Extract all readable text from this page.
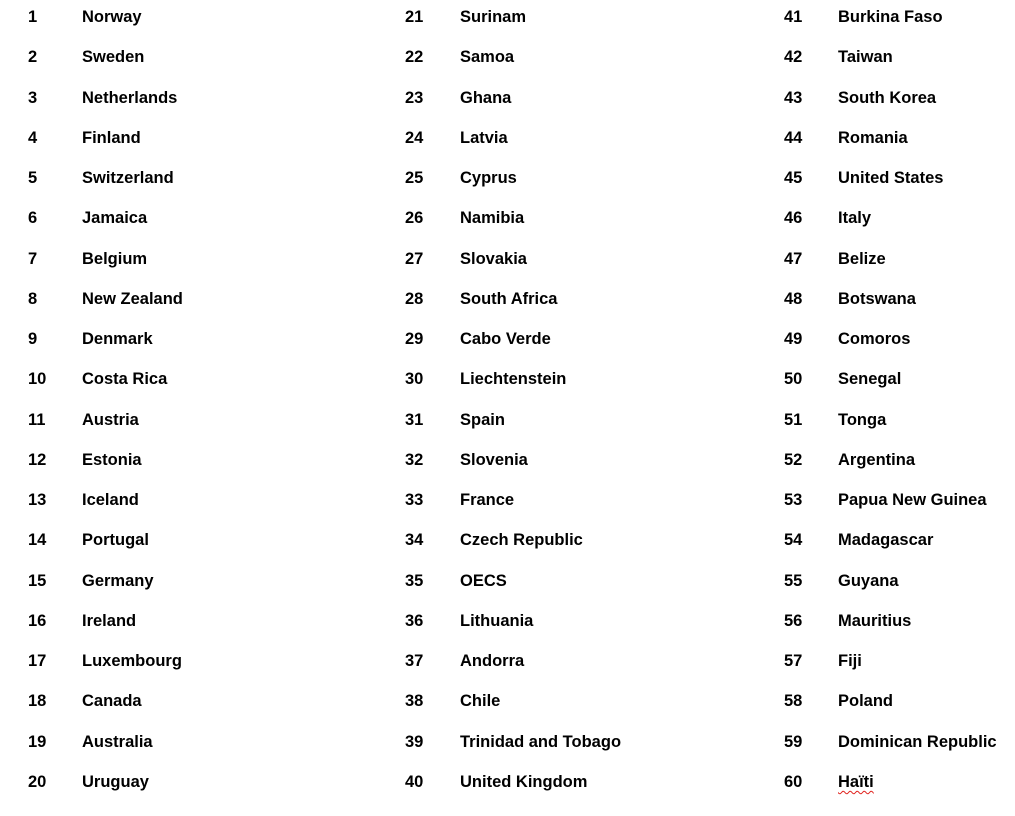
1	Norway
2	Sweden
3	Netherlands
4	Finland
5	Switzerland
6	Jamaica
7	Belgium
8	New Zealand
9	Denmark
10 Costa Rica
11 Austria
12 Estonia
13 Iceland
14 Portugal
15 Germany
16 Ireland
17 Luxembourg
18 Canada
19 Australia
20 Uruguay
21 Surinam
22 Samoa
23 Ghana
24 Latvia
25 Cyprus
26 Namibia
27 Slovakia
28 South Africa
29 Cabo Verde
30 Liechtenstein
31 Spain
32 Slovenia
33 France
34 Czech Republic
35 OECS
36 Lithuania
37 Andorra
38 Chile
39 Trinidad and Tobago
40 United Kingdom
41 Burkina Faso
42 Taiwan
43 South Korea
44 Romania
45 United States
46 Italy
47 Belize
48 Botswana
49 Comoros
50 Senegal
51 Tonga
52 Argentina
53 Papua New Guinea
54 Madagascar
55 Guyana
56 Mauritius
57 Fiji
58 Poland
59 Dominican Republic
60 Haïti
